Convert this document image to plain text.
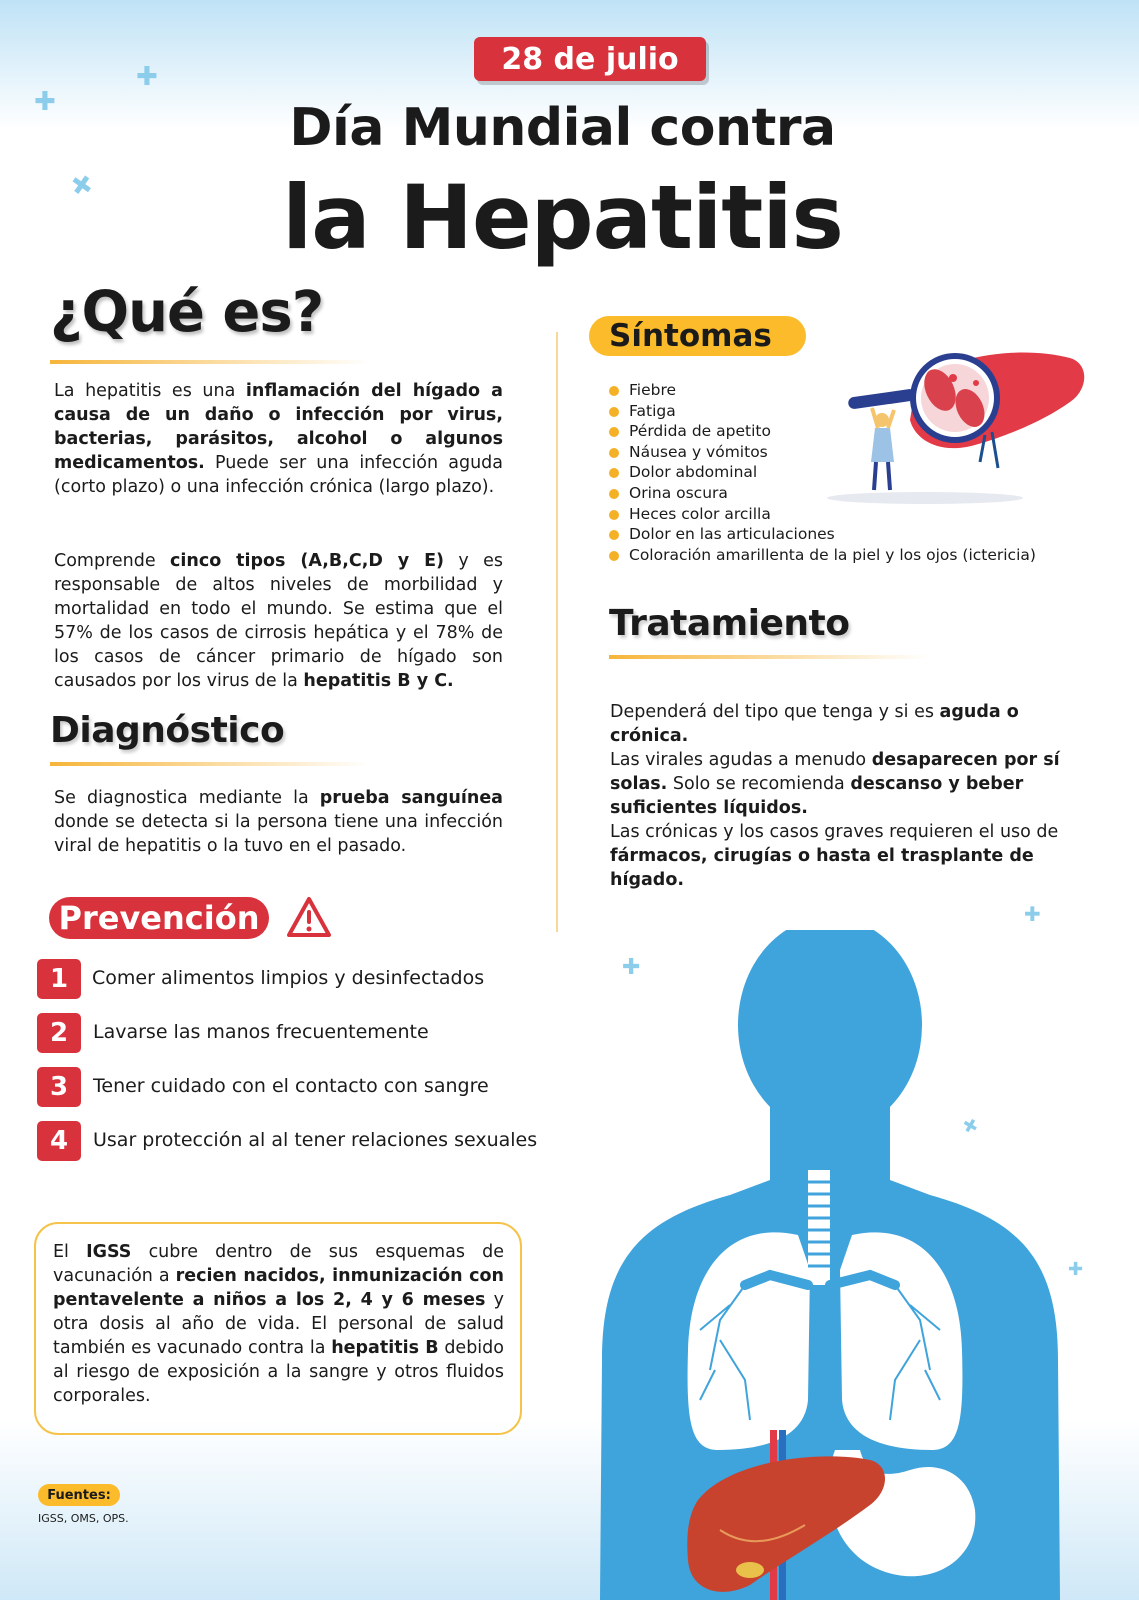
✚
✚
✚
✚
✚
✚
✚
28 de julio
Día Mundial contra
la Hepatitis
¿Qué es?
La hepatitis es una inflamación del hígado a causa de un daño o infección por virus, bacterias, parásitos, alcohol o algunos medicamentos. Puede ser una infección aguda (corto plazo) o una infección crónica (largo plazo).
Comprende cinco tipos (A,B,C,D y E) y es responsable de altos niveles de morbilidad y mortalidad en todo el mundo. Se estima que el 57% de los casos de cirrosis hepática y el 78% de los casos de cáncer primario de hígado son causados por los virus de la hepatitis B y C.
Diagnóstico
Se diagnostica mediante la prueba sanguínea donde se detecta si la persona tiene una infección viral de hepatitis o la tuvo en el pasado.
Prevención
1	Comer alimentos limpios y desinfectados
2	Lavarse las manos frecuentemente
3	Tener cuidado con el contacto con sangre
4	Usar protección al al tener relaciones sexuales
El IGSS cubre dentro de sus esquemas de vacunación a recien nacidos, inmunización con pentavelente a niños a los 2, 4 y 6 meses y otra dosis al año de vida. El personal de salud también es vacunado contra la hepatitis B debido al riesgo de exposición a la sangre y otros fluidos corporales.
Fuentes:
IGSS, OMS, OPS.
Síntomas
Fiebre
Fatiga
Pérdida de apetito
Náusea y vómitos
Dolor abdominal
Orina oscura
Heces color arcilla
Dolor en las articulaciones
Coloración amarillenta de la piel y los ojos (ictericia)
Tratamiento

Dependerá del tipo que tenga y si es aguda o crónica.
Las virales agudas a menudo desaparecen por sí solas. Solo se recomienda descanso y beber suficientes líquidos.
Las crónicas y los casos graves requieren el uso de fármacos, cirugías o hasta el trasplante de hígado.
